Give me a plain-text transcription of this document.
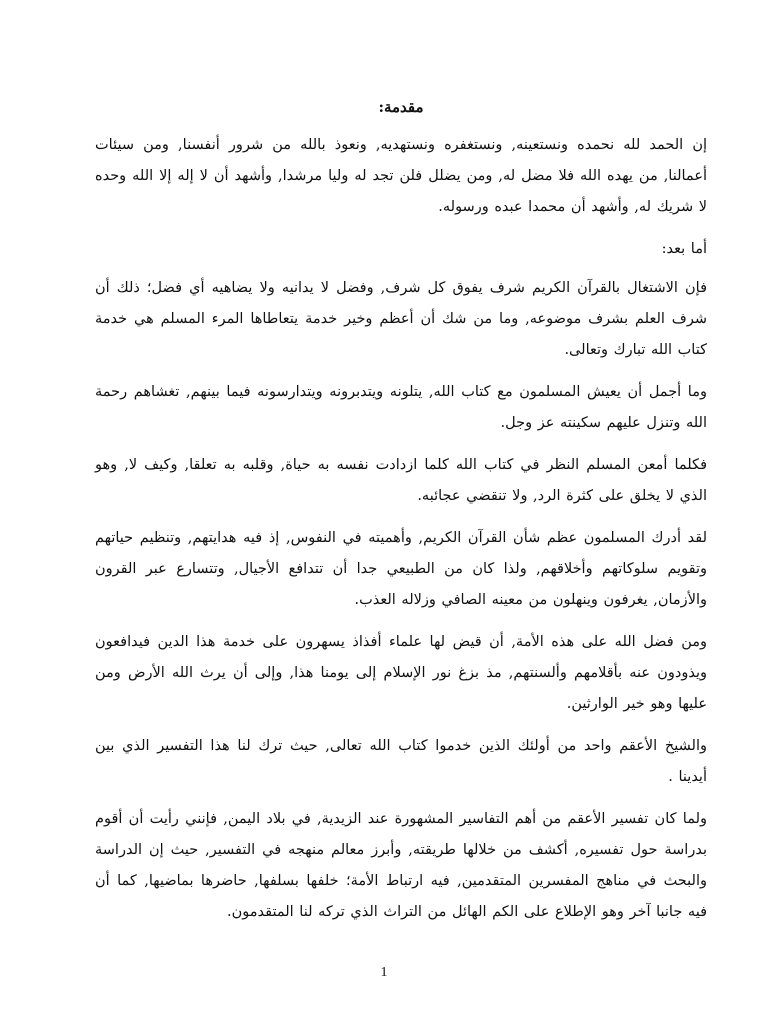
مقدمة:

إن الحمد لله نحمده ونستعينه, ونستغفره ونستهديه, ونعوذ بالله من شرور أنفسنا, ومن سيئات أعمالنا, من يهده الله فلا مضل له, ومن يضلل فلن تجد له وليا مرشدا, وأشهد أن لا إله إلا الله وحده لا شريك له, وأشهد أن محمدا عبده ورسوله.

أما بعد:

فإن الاشتغال بالقرآن الكريم شرف يفوق كل شرف, وفضل لا يدانيه ولا يضاهيه أي فضل؛ ذلك أن شرف العلم بشرف موضوعه, وما من شك أن أعظم وخير خدمة يتعاطاها المرء المسلم هي خدمة كتاب الله تبارك وتعالى.

وما أجمل أن يعيش المسلمون مع كتاب الله, يتلونه ويتدبرونه ويتدارسونه فيما بينهم, تغشاهم رحمة الله وتنزل عليهم سكينته عز وجل.

فكلما أمعن المسلم النظر في كتاب الله كلما ازدادت نفسه به حياة, وقلبه به تعلقا, وكيف لا, وهو الذي لا يخلق على كثرة الرد, ولا تنقضي عجائبه.

لقد أدرك المسلمون عظم شأن القرآن الكريم, وأهميته في النفوس, إذ فيه هدايتهم, وتنظيم حياتهم وتقويم سلوكاتهم وأخلاقهم, ولذا كان من الطبيعي جدا أن تتدافع الأجيال, وتتسارع عبر القرون والأزمان, يغرفون وينهلون من معينه الصافي وزلاله العذب.

ومن فضل الله على هذه الأمة, أن قيض لها علماء أفذاذ يسهرون على خدمة هذا الدين فيدافعون ويذودون عنه بأقلامهم وألسنتهم, مذ بزغ نور الإسلام إلى يومنا هذا, وإلى أن يرث الله الأرض ومن عليها وهو خير الوارثين.

والشيخ الأعقم واحد من أولئك الذين خدموا كتاب الله تعالى, حيث ترك لنا هذا التفسير الذي بين أيدينا .

ولما كان تفسير الأعقم من أهم التفاسير المشهورة عند الزيدية, في بلاد اليمن, فإنني رأيت أن أقوم بدراسة حول تفسيره, أكشف من خلالها طريقته, وأبرز معالم منهجه في التفسير, حيث إن الدراسة والبحث في مناهج المفسرين المتقدمين, فيه ارتباط الأمة؛ خلفها بسلفها, حاضرها بماضيها, كما أن فيه جانبا آخر وهو الإطلاع على الكم الهائل من التراث الذي تركه لنا المتقدمون.

1
